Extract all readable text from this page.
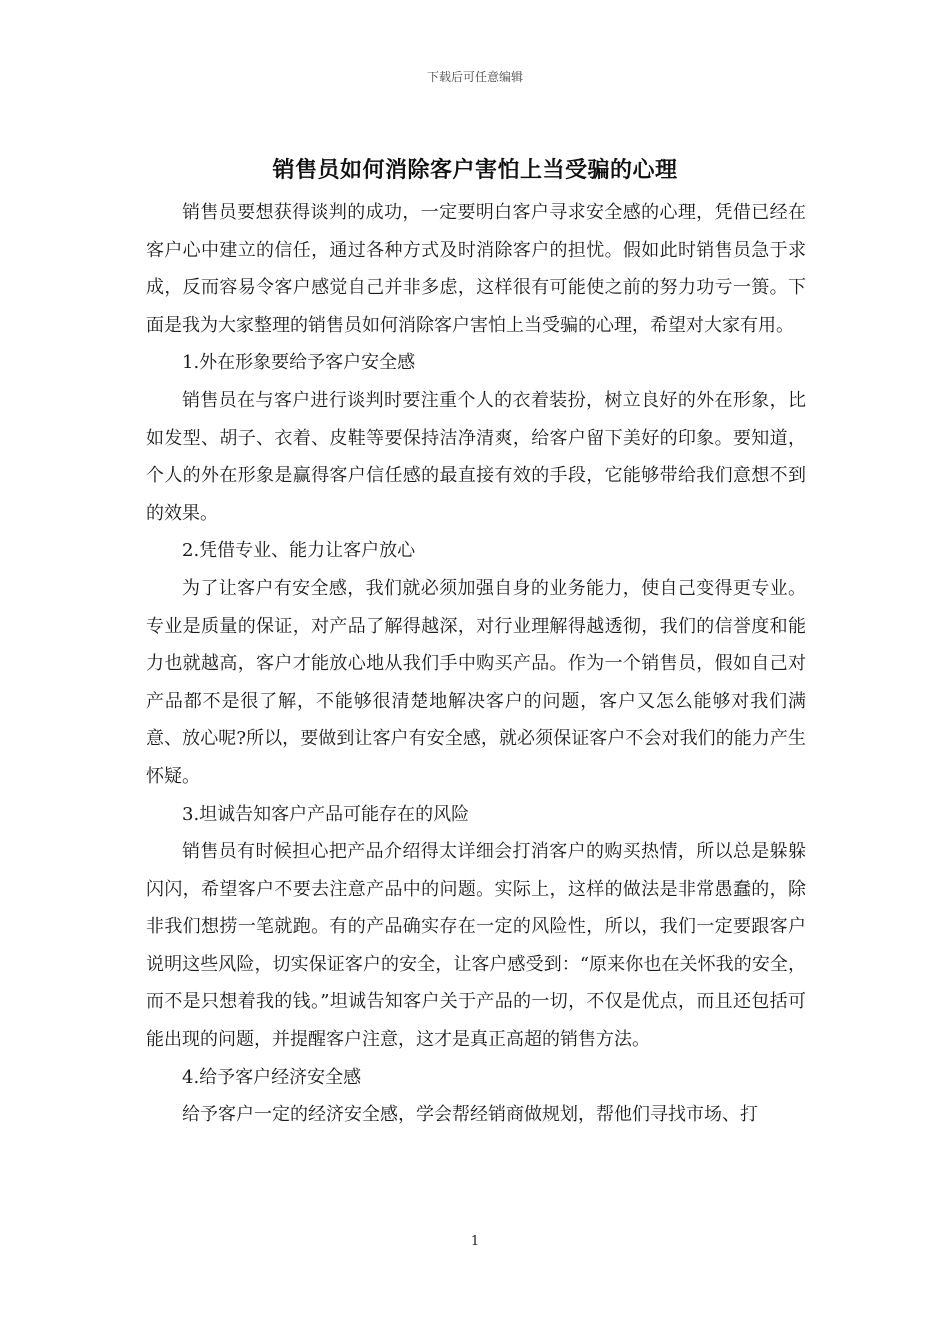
下载后可任意编辑
销售员如何消除客户害怕上当受骗的心理

销售员要想获得谈判的成功，一定要明白客户寻求安全感的心理，凭借已经在客户心中建立的信任，通过各种方式及时消除客户的担忧。假如此时销售员急于求成，反而容易令客户感觉自己并非多虑，这样很有可能使之前的努力功亏一篑。下面是我为大家整理的销售员如何消除客户害怕上当受骗的心理，希望对大家有用。

1.外在形象要给予客户安全感

销售员在与客户进行谈判时要注重个人的衣着装扮，树立良好的外在形象，比如发型、胡子、衣着、皮鞋等要保持洁净清爽，给客户留下美好的印象。要知道，个人的外在形象是赢得客户信任感的最直接有效的手段，它能够带给我们意想不到的效果。

2.凭借专业、能力让客户放心

为了让客户有安全感，我们就必须加强自身的业务能力，使自己变得更专业。专业是质量的保证，对产品了解得越深，对行业理解得越透彻，我们的信誉度和能力也就越高，客户才能放心地从我们手中购买产品。作为一个销售员，假如自己对产品都不是很了解，不能够很清楚地解决客户的问题，客户又怎么能够对我们满意、放心呢?所以，要做到让客户有安全感，就必须保证客户不会对我们的能力产生怀疑。

3.坦诚告知客户产品可能存在的风险

销售员有时候担心把产品介绍得太详细会打消客户的购买热情，所以总是躲躲闪闪，希望客户不要去注意产品中的问题。实际上，这样的做法是非常愚蠢的，除非我们想捞一笔就跑。有的产品确实存在一定的风险性，所以，我们一定要跟客户说明这些风险，切实保证客户的安全，让客户感受到：“原来你也在关怀我的安全，而不是只想着我的钱。”坦诚告知客户关于产品的一切，不仅是优点，而且还包括可能出现的问题，并提醒客户注意，这才是真正高超的销售方法。

4.给予客户经济安全感

给予客户一定的经济安全感，学会帮经销商做规划，帮他们寻找市场、打

1
